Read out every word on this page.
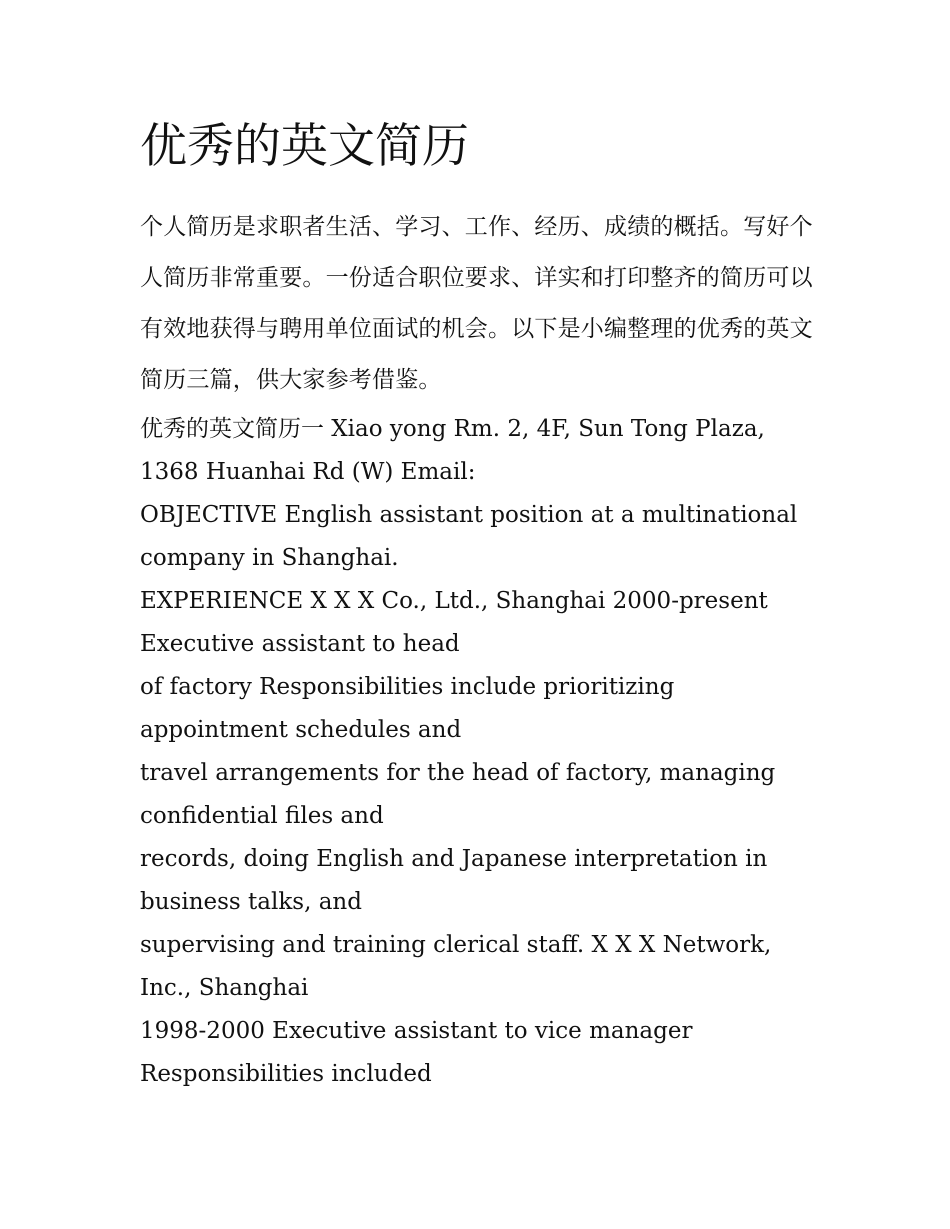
优秀的英文简历

个人简历是求职者生活、学习、工作、经历、成绩的概括。写好个人简历非常重要。一份适合职位要求、详实和打印整齐的简历可以有效地获得与聘用单位面试的机会。以下是小编整理的优秀的英文简历三篇，供大家参考借鉴。

优秀的英文简历一 Xiao yong Rm. 2, 4F, Sun Tong Plaza, 1368 Huanhai Rd (W) Email:

OBJECTIVE English assistant position at a multinational company in Shanghai.

EXPERIENCE X X X Co., Ltd., Shanghai 2000-present Executive assistant to head

of factory Responsibilities include prioritizing appointment schedules and

travel arrangements for the head of factory, managing confidential files and

records, doing English and Japanese interpretation in business talks, and

supervising and training clerical staff. X X X Network, Inc., Shanghai

1998-2000 Executive assistant to vice manager Responsibilities included
